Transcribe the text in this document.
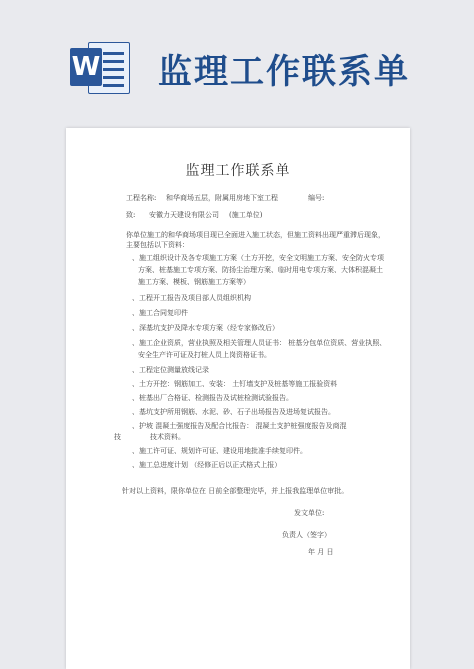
W 监理工作联系单
监理工作联系单
工程名称: 和华商场五层，附属用房地下室工程	编号:
致: 安徽力天建设有限公司 (施工单位)
你单位施工的和华商场项目现已全面进入施工状态，但施工资料出现严重滞后现象，
主要包括以下资料：
、施工组织设计及各专项施工方案（土方开挖，安全文明施工方案、安全防火专项
方案、桩基施工专项方案、防扬尘治理方案、临时用电专项方案、大体积混凝土
施工方案、模板、钢筋施工方案等）
、工程开工报告及项目部人员组织机构
、施工合同复印件
、深基坑支护及降水专项方案（经专家修改后）
、施工企业资质，营业执照及相关管理人员证书： 桩基分包单位资质、营业执照、
安全生产许可证及打桩人员上岗资格证书。
、工程定位测量放线记录
、土方开挖：钢筋加工、安装： 土钉墙支护及桩基等施工报验资料
、桩基出厂合格证、检测报告及试桩检测试验报告。
、基坑支护所用钢筋、水泥、砂、石子出场报告及进场复试报告。
、护坡 混凝土强度报告及配合比报告： 混凝土支护桩强度报告及商混
技	技术资料。
、施工许可证、规划许可证、建设用地批准手续复印件。
、施工总进度计划 （经修正后以正式格式上报）
针对以上资料，限你单位在 日前全部整理完毕，并上报我监理单位审批。
发文单位:
负责人（签字）
年 月 日
